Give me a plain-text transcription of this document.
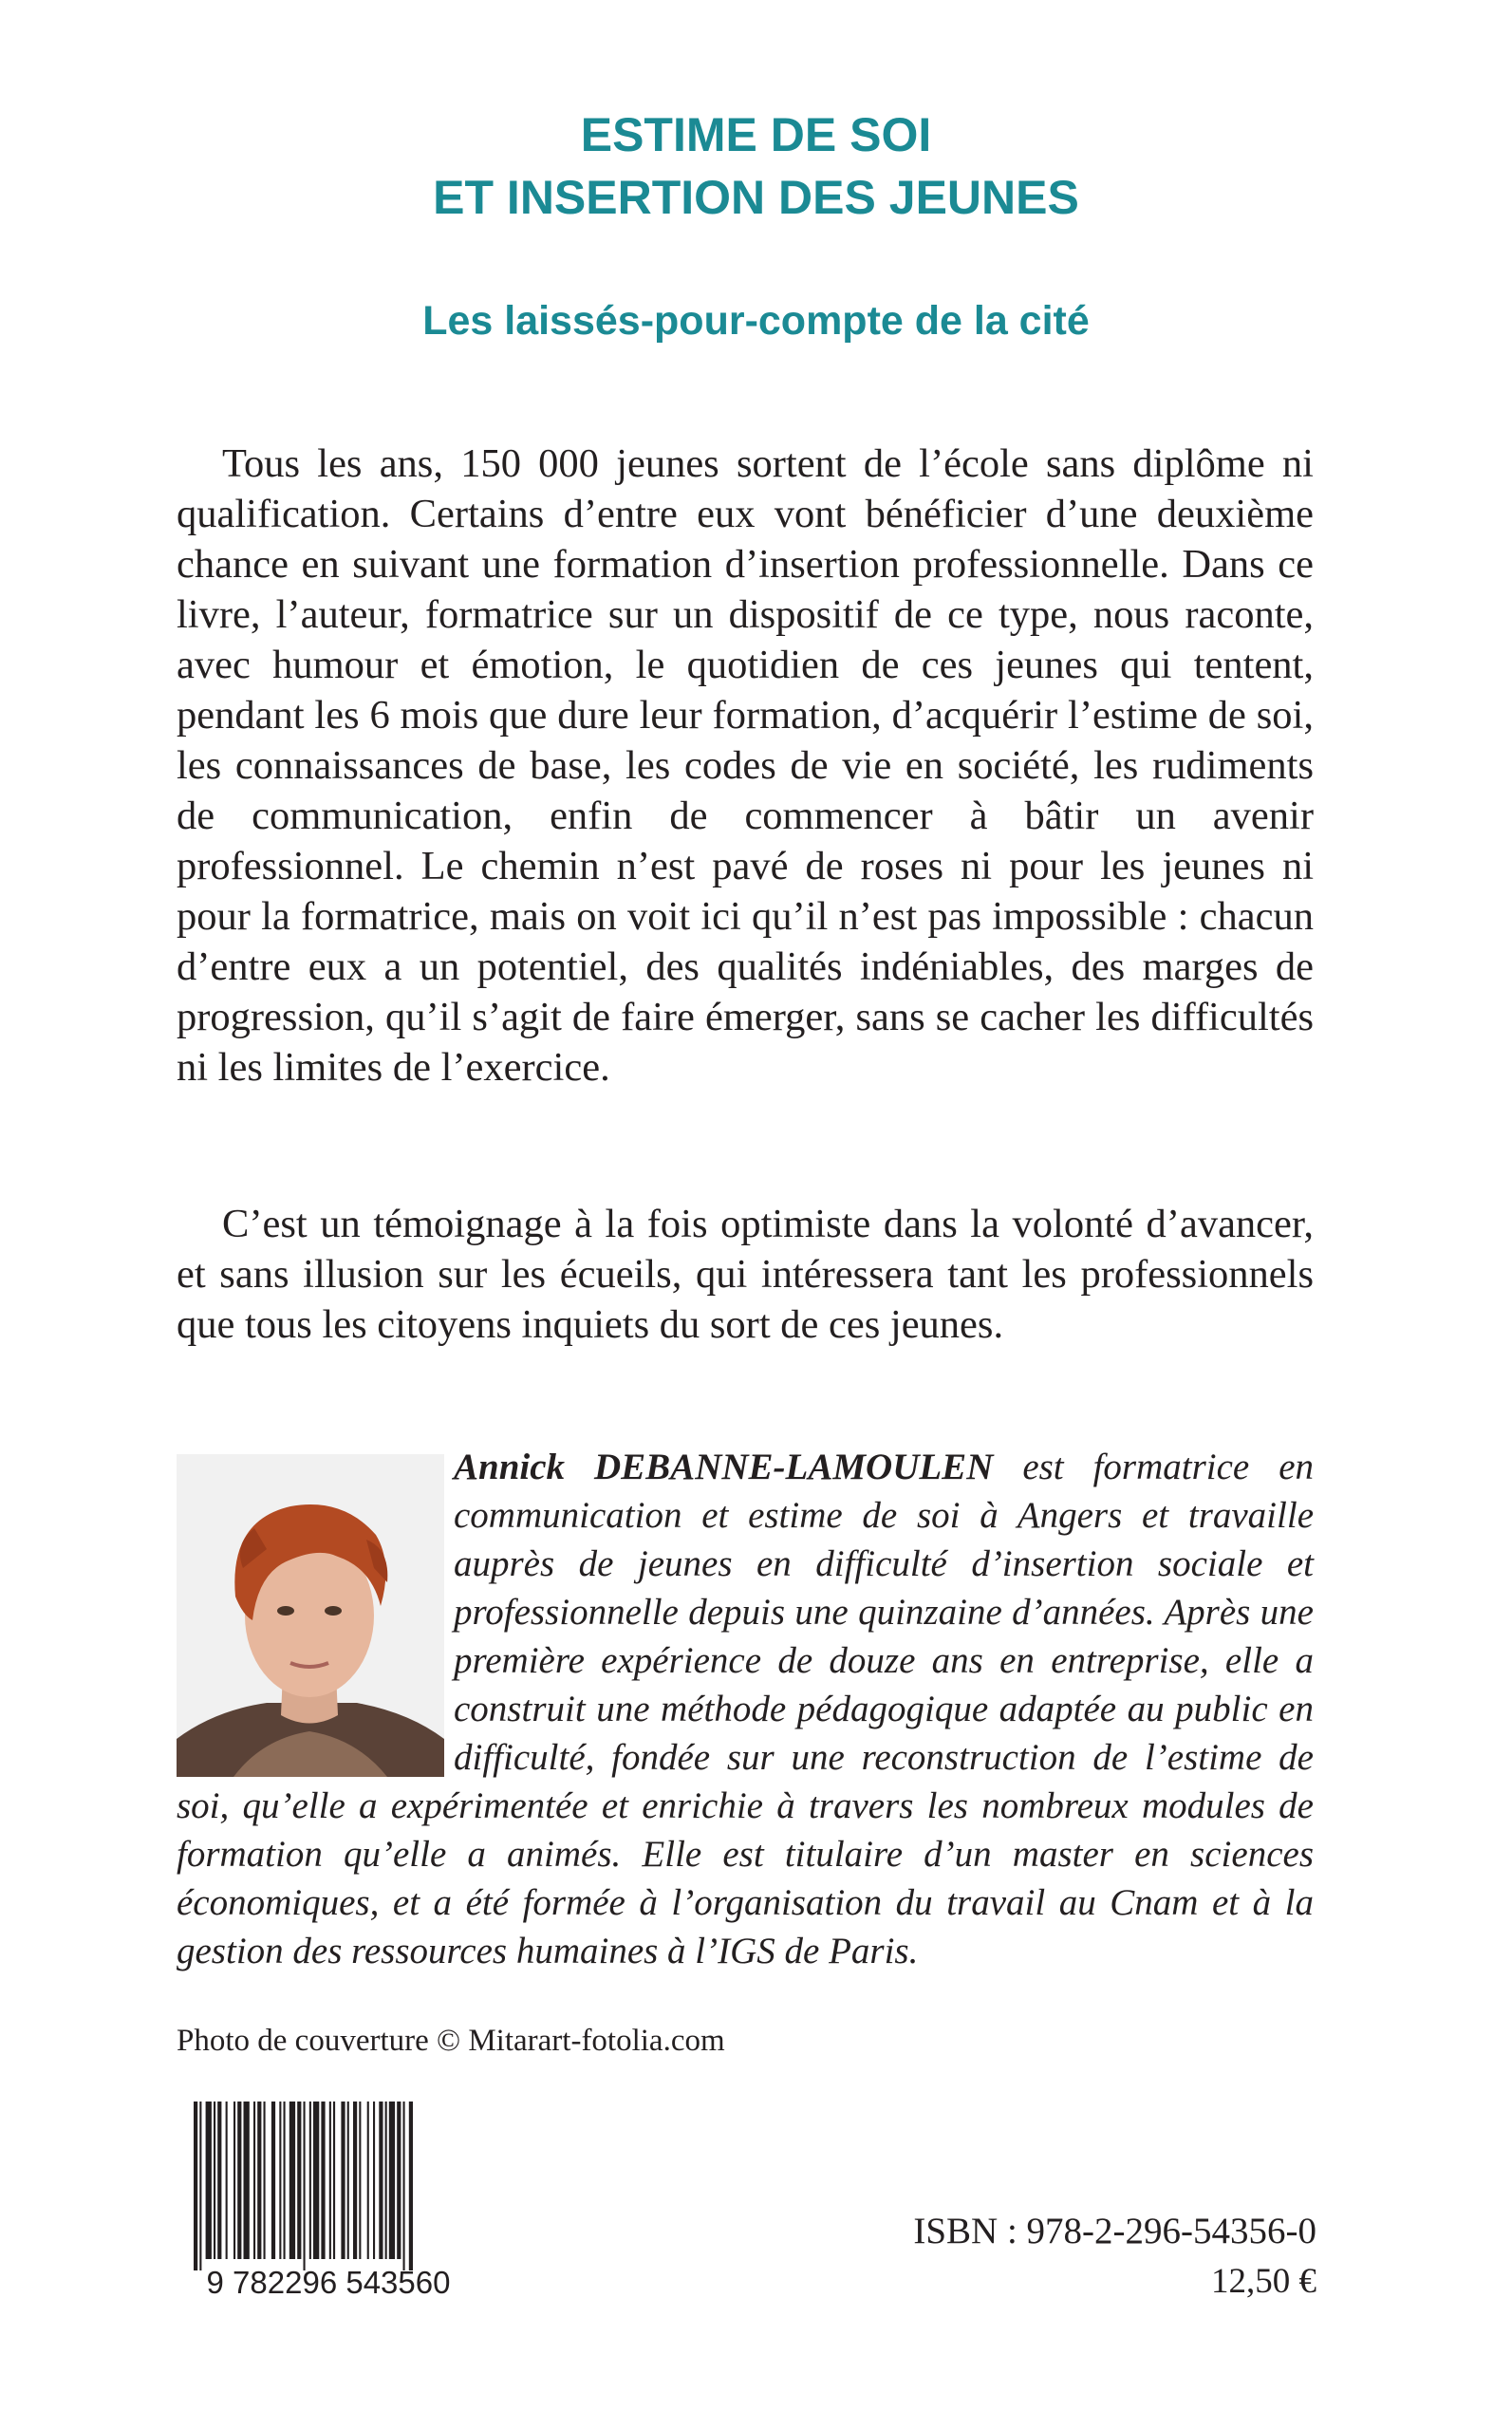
ESTIME DE SOI
ET INSERTION DES JEUNES
Les laissés-pour-compte de la cité

Tous les ans, 150 000 jeunes sortent de l’école sans diplôme ni qualification. Certains d’entre eux vont bénéficier d’une deuxième chance en suivant une formation d’insertion professionnelle. Dans ce livre, l’auteur, formatrice sur un dispositif de ce type, nous raconte, avec humour et émotion, le quotidien de ces jeunes qui tentent, pendant les 6 mois que dure leur formation, d’acquérir l’estime de soi, les connaissances de base, les codes de vie en société, les rudiments de communication, enfin de commencer à bâtir un avenir professionnel. Le chemin n’est pavé de roses ni pour les jeunes ni pour la formatrice, mais on voit ici qu’il n’est pas impossible : chacun d’entre eux a un potentiel, des qualités indéniables, des marges de progression, qu’il s’agit de faire émerger, sans se cacher les difficultés ni les limites de l’exercice.

C’est un témoignage à la fois optimiste dans la volonté d’avancer, et sans illusion sur les écueils, qui intéressera tant les professionnels que tous les citoyens inquiets du sort de ces jeunes.

Annick DEBANNE-LAMOULEN est formatrice en communication et estime de soi à Angers et travaille auprès de jeunes en difficulté d’insertion sociale et professionnelle depuis une quinzaine d’années. Après une première expérience de douze ans en entreprise, elle a construit une méthode pédagogique adaptée au public en difficulté, fondée sur une reconstruction de l’estime de soi, qu’elle a expérimentée et enrichie à travers les nombreux modules de formation qu’elle a animés. Elle est titulaire d’un master en sciences économiques, et a été formée à l’organisation du travail au Cnam et à la gestion des ressources humaines à l’IGS de Paris.

Photo de couverture © Mitarart-fotolia.com

9 782296 543560

ISBN : 978-2-296-54356-0

12,50 €
